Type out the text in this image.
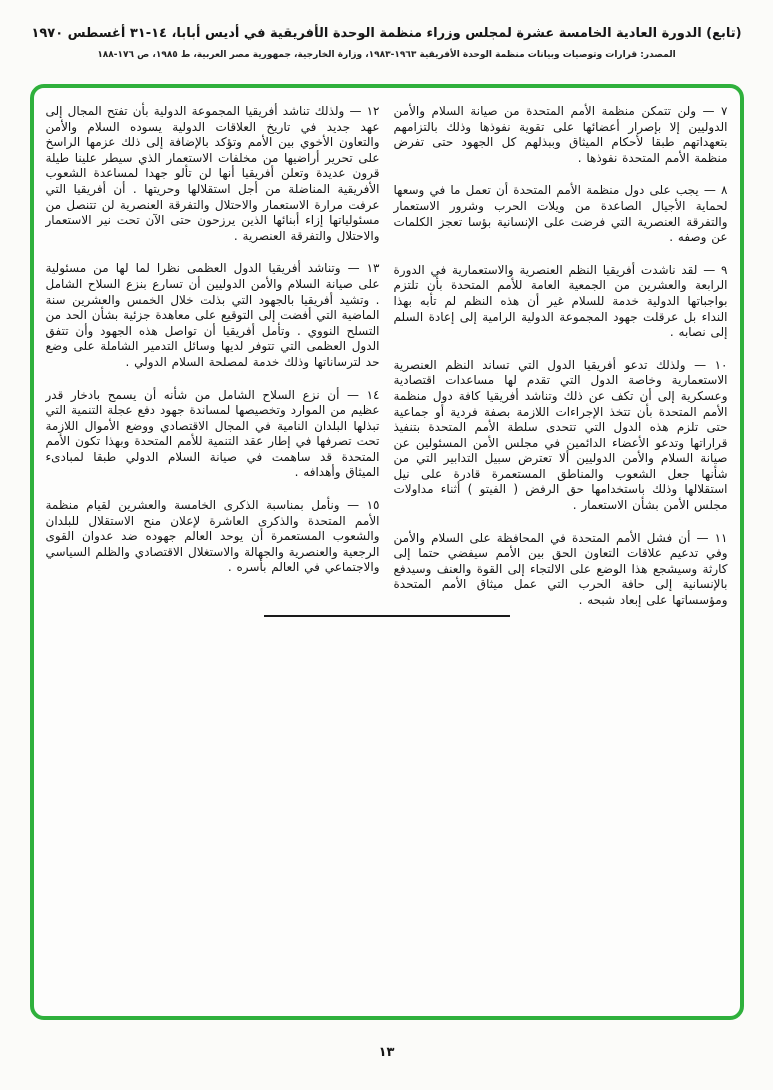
(تابع) الدورة العادية الخامسة عشرة لمجلس وزراء منظمة الوحدة الأفريقية في أديس أبابا، ١٤-٣١ أغسطس ١٩٧٠
المصدر: قرارات وتوصيات وبيانات منظمة الوحدة الأفريقية ١٩٦٣-١٩٨٣، وزارة الخارجية، جمهورية مصر العربية، ط ١٩٨٥، ص ١٧٦-١٨٨

٧ — ولن تتمكن منظمة الأمم المتحدة من صيانة السلام والأمن الدوليين إلا بإصرار أعضائها على تقوية نفوذها وذلك بالتزامهم بتعهداتهم طبقا لأحكام الميثاق وببذلهم كل الجهود حتى تفرض منظمة الأمم المتحدة نفوذها .

٨ — يجب على دول منظمة الأمم المتحدة أن تعمل ما في وسعها لحماية الأجيال الصاعدة من ويلات الحرب وشرور الاستعمار والتفرقة العنصرية التي فرضت على الإنسانية بؤسا تعجز الكلمات عن وصفه .

٩ — لقد ناشدت أفريقيا النظم العنصرية والاستعمارية في الدورة الرابعة والعشرين من الجمعية العامة للأمم المتحدة بأن تلتزم بواجباتها الدولية خدمة للسلام غير أن هذه النظم لم تأبه بهذا النداء بل عرقلت جهود المجموعة الدولية الرامية إلى إعادة السلم إلى نصابه .

١٠ — ولذلك تدعو أفريقيا الدول التي تساند النظم العنصرية الاستعمارية وخاصة الدول التي تقدم لها مساعدات اقتصادية وعسكرية إلى أن تكف عن ذلك وتناشد أفريقيا كافة دول منظمة الأمم المتحدة بأن تتخذ الإجراءات اللازمة بصفة فردية أو جماعية حتى تلزم هذه الدول التي تتحدى سلطة الأمم المتحدة بتنفيذ قراراتها وتدعو الأعضاء الدائمين في مجلس الأمن المسئولين عن صيانة السلام والأمن الدوليين ألا تعترض سبيل التدابير التي من شأنها جعل الشعوب والمناطق المستعمرة قادرة على نيل استقلالها وذلك باستخدامها حق الرفض ( الفيتو ) أثناء مداولات مجلس الأمن بشأن الاستعمار .

١١ — أن فشل الأمم المتحدة في المحافظة على السلام والأمن وفي تدعيم علاقات التعاون الحق بين الأمم سيفضي حتما إلى كارثة وسيشجع هذا الوضع على الالتجاء إلى القوة والعنف وسيدفع بالإنسانية إلى حافة الحرب التي عمل ميثاق الأمم المتحدة ومؤسساتها على إبعاد شبحه .

١٢ — ولذلك تناشد أفريقيا المجموعة الدولية بأن تفتح المجال إلى عهد جديد في تاريخ العلاقات الدولية يسوده السلام والأمن والتعاون الأخوي بين الأمم وتؤكد بالإضافة إلى ذلك عزمها الراسخ على تحرير أراضيها من مخلفات الاستعمار الذي سيطر علينا طيلة قرون عديدة وتعلن أفريقيا أنها لن تألو جهدا لمساعدة الشعوب الأفريقية المناضلة من أجل استقلالها وحريتها . أن أفريقيا التي عرفت مرارة الاستعمار والاحتلال والتفرقة العنصرية لن تتنصل من مسئولياتها إزاء أبنائها الذين يرزحون حتى الآن تحت نير الاستعمار والاحتلال والتفرقة العنصرية .

١٣ — وتناشد أفريقيا الدول العظمى نظرا لما لها من مسئولية على صيانة السلام والأمن الدوليين أن تسارع بنزع السلاح الشامل . وتشيد أفريقيا بالجهود التي بذلت خلال الخمس والعشرين سنة الماضية التي أفضت إلى التوقيع على معاهدة جزئية بشأن الحد من التسلح النووي . وتأمل أفريقيا أن تواصل هذه الجهود وأن تتفق الدول العظمى التي تتوفر لديها وسائل التدمير الشاملة على وضع حد لترساناتها وذلك خدمة لمصلحة السلام الدولي .

١٤ — أن نزع السلاح الشامل من شأنه أن يسمح بادخار قدر عظيم من الموارد وتخصيصها لمساندة جهود دفع عجلة التنمية التي تبذلها البلدان النامية في المجال الاقتصادي ووضع الأموال اللازمة تحت تصرفها في إطار عقد التنمية للأمم المتحدة وبهذا تكون الأمم المتحدة قد ساهمت في صيانة السلام الدولي طبقا لمبادىء الميثاق وأهدافه .

١٥ — ونأمل بمناسبة الذكرى الخامسة والعشرين لقيام منظمة الأمم المتحدة والذكرى العاشرة لإعلان منح الاستقلال للبلدان والشعوب المستعمرة أن يوحد العالم جهوده ضد عدوان القوى الرجعية والعنصرية والجهالة والاستغلال الاقتصادي والظلم السياسي والاجتماعي في العالم بأسره .

١٣
